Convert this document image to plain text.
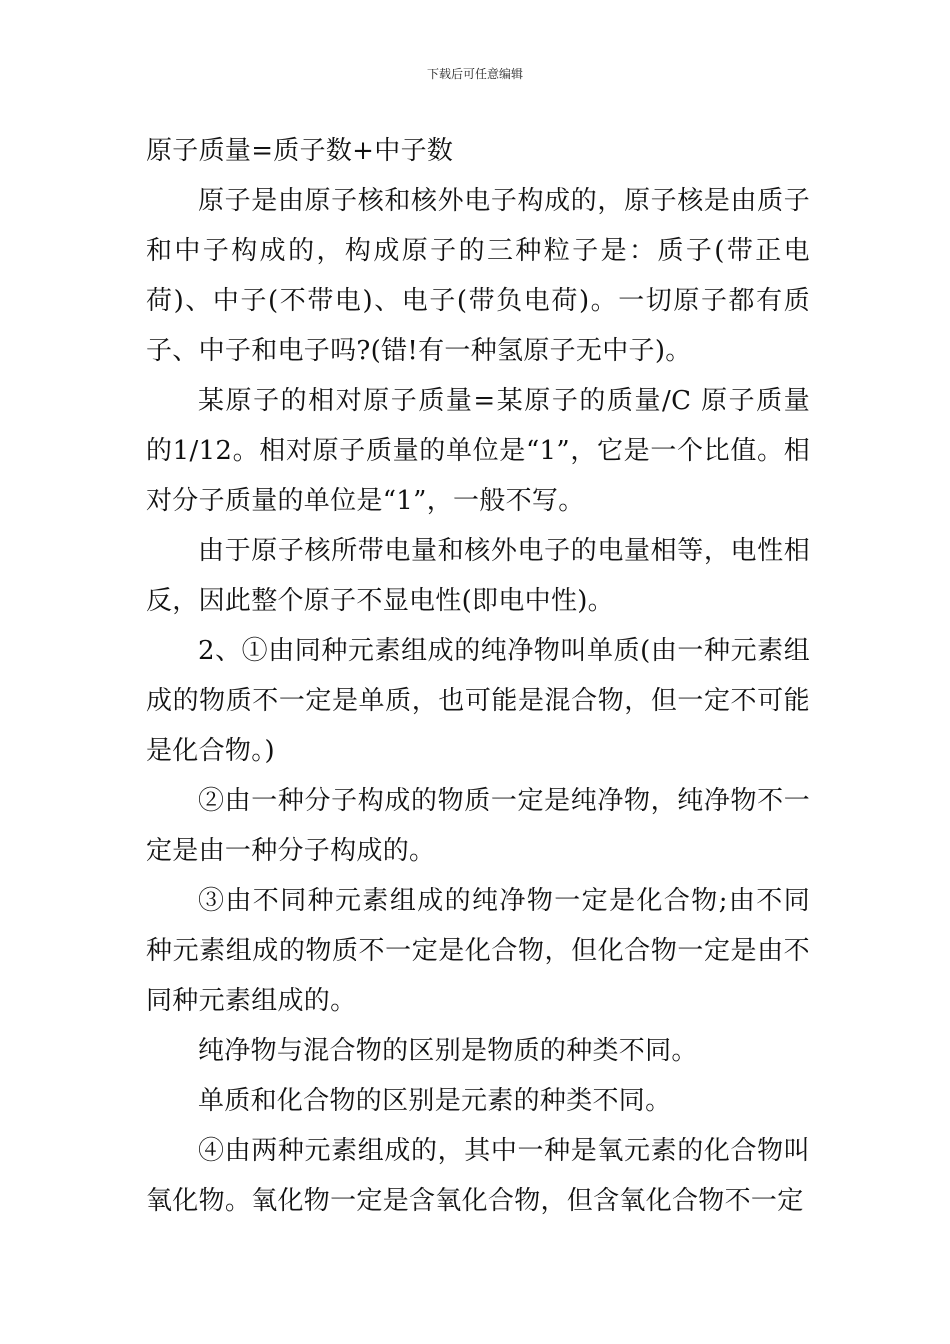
下载后可任意编辑

原子质量=质子数+中子数

原子是由原子核和核外电子构成的，原子核是由质子和中子构成的，构成原子的三种粒子是：质子(带正电荷)、中子(不带电)、电子(带负电荷)。一切原子都有质子、中子和电子吗?(错!有一种氢原子无中子)。

某原子的相对原子质量=某原子的质量/C 原子质量的1/12。相对原子质量的单位是“1”，它是一个比值。相对分子质量的单位是“1”，一般不写。

由于原子核所带电量和核外电子的电量相等，电性相反，因此整个原子不显电性(即电中性)。

2、①由同种元素组成的纯净物叫单质(由一种元素组成的物质不一定是单质，也可能是混合物，但一定不可能是化合物。)

②由一种分子构成的物质一定是纯净物，纯净物不一定是由一种分子构成的。

③由不同种元素组成的纯净物一定是化合物;由不同种元素组成的物质不一定是化合物，但化合物一定是由不同种元素组成的。

纯净物与混合物的区别是物质的种类不同。

单质和化合物的区别是元素的种类不同。

④由两种元素组成的，其中一种是氧元素的化合物叫氧化物。氧化物一定是含氧化合物，但含氧化合物不一定
